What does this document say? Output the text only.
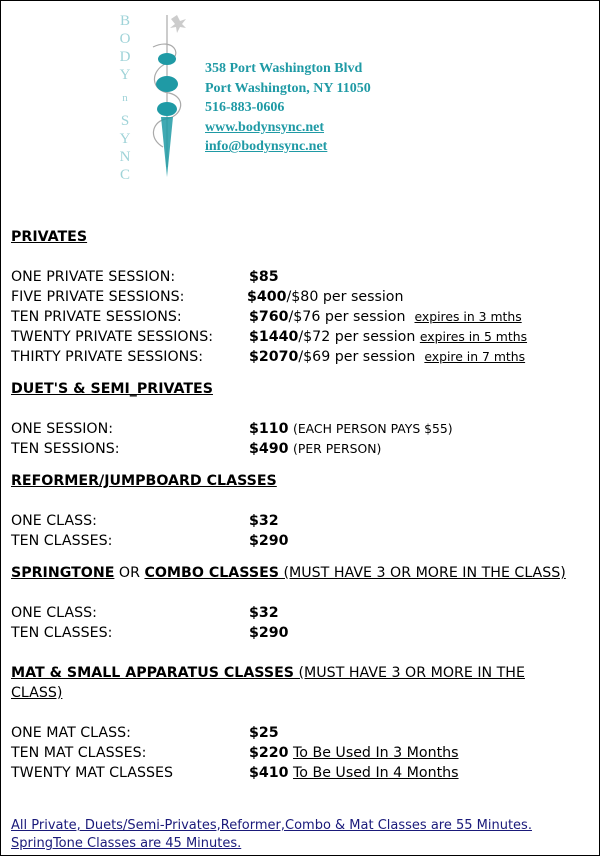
B
O
D
Y
n
S
Y
N
C
358 Port Washington Blvd
Port Washington, NY 11050
516-883-0606
www.bodynsync.net
info@bodynsync.net
PRIVATES
ONE PRIVATE SESSION:	$85
FIVE PRIVATE SESSIONS:	$400/$80 per session
TEN PRIVATE SESSIONS:	$760/$76 per session expires in 3 mths
TWENTY PRIVATE SESSIONS:	$1440/$72 per session expires in 5 mths
THIRTY PRIVATE SESSIONS:	$2070/$69 per session expire in 7 mths
DUET'S & SEMI_PRIVATES
ONE SESSION:	$110 (EACH PERSON PAYS $55)
TEN SESSIONS:	$490 (PER PERSON)
REFORMER/JUMPBOARD CLASSES
ONE CLASS:	$32
TEN CLASSES:	$290
SPRINGTONE OR COMBO CLASSES (MUST HAVE 3 OR MORE IN THE CLASS)
ONE CLASS:	$32
TEN CLASSES:	$290
MAT & SMALL APPARATUS CLASSES (MUST HAVE 3 OR MORE IN THE
CLASS)
ONE MAT CLASS:	$25
TEN MAT CLASSES:	$220 To Be Used In 3 Months
TWENTY MAT CLASSES	$410 To Be Used In 4 Months
All Private, Duets/Semi-Privates,Reformer,Combo & Mat Classes are 55 Minutes.
SpringTone Classes are 45 Minutes.
